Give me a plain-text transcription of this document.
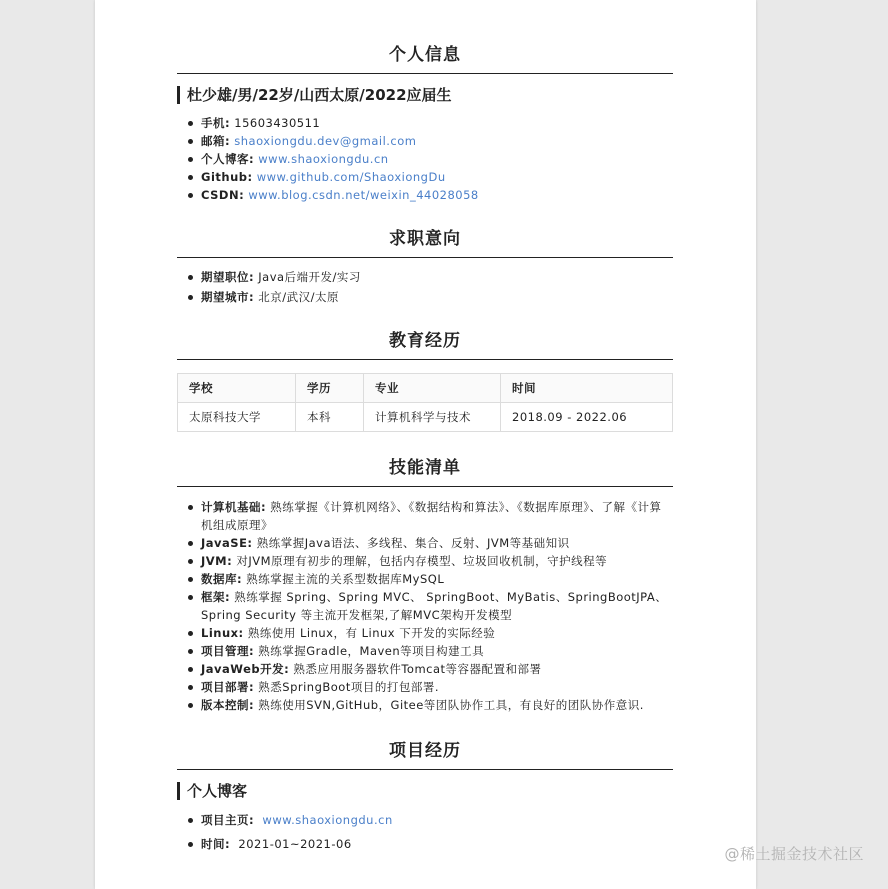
个人信息
杜少雄/男/22岁/山西太原/2022应届生
手机: 15603430511
邮箱: shaoxiongdu.dev@gmail.com
个人博客: www.shaoxiongdu.cn
Github: www.github.com/ShaoxiongDu
CSDN: www.blog.csdn.net/weixin_44028058
求职意向
期望职位: Java后端开发/实习
期望城市: 北京/武汉/太原
教育经历
学校	学历	专业	时间
太原科技大学	本科	计算机科学与技术	2018.09 - 2022.06
技能清单
计算机基础: 熟练掌握《计算机网络》、《数据结构和算法》、《数据库原理》、了解《计算机组成原理》
JavaSE: 熟练掌握Java语法、多线程、集合、反射、JVM等基础知识
JVM: 对JVM原理有初步的理解，包括内存模型、垃圾回收机制，守护线程等
数据库: 熟练掌握主流的关系型数据库MySQL
框架: 熟练掌握 Spring、Spring MVC、 SpringBoot、MyBatis、SpringBootJPA、Spring Security 等主流开发框架,了解MVC架构开发模型
Linux: 熟练使用 Linux，有 Linux 下开发的实际经验
项目管理: 熟练掌握Gradle，Maven等项目构建工具
JavaWeb开发: 熟悉应用服务器软件Tomcat等容器配置和部署
项目部署: 熟悉SpringBoot项目的打包部署.
版本控制: 熟练使用SVN,GitHub，Gitee等团队协作工具，有良好的团队协作意识.
项目经历
个人博客
项目主页: www.shaoxiongdu.cn
时间: 2021-01~2021-06
@稀土掘金技术社区
